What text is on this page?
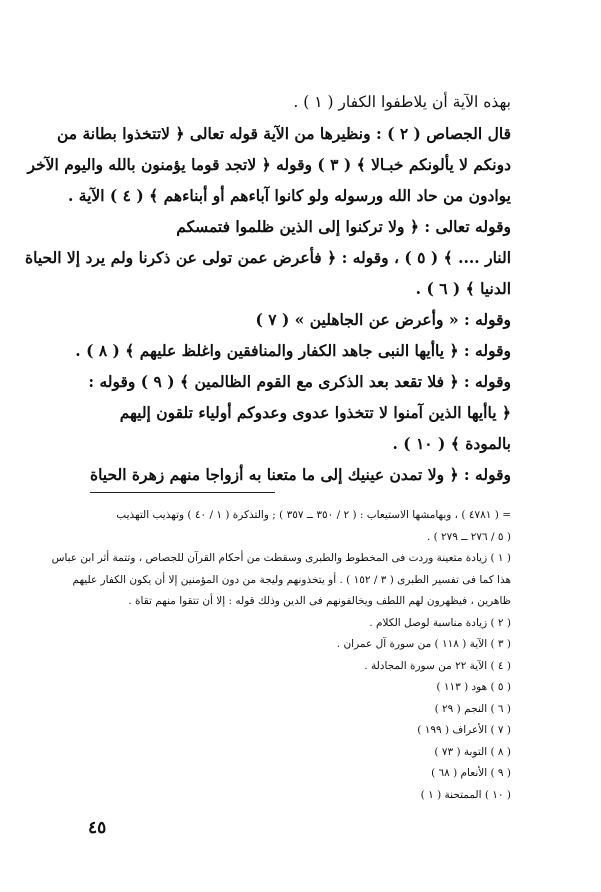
بهذه الآية أن يلاطفوا الكفار ( ١ ) .
قال الجصاص ( ٢ ) : ونظيرها من الآية قوله تعالى ﴿ لاتتخذوا بطانة من
دونكم لا يألونكم خبـالا ﴾ ( ٣ ) وقوله ﴿ لاتجد قوما يؤمنون بالله واليوم الآخر
يوادون من حاد الله ورسوله ولو كانوا آباءهم أو أبناءهم ﴾ ( ٤ ) الآية .
وقوله تعالى : ﴿ ولا تركنوا إلى الذين ظلموا فتمسكم
النار .... ﴾ ( ٥ ) ، وقوله : ﴿ فأعرض عمن تولى عن ذكرنا ولم يرد إلا الحياة
الدنيا ﴾ ( ٦ ) .
وقوله : « وأعرض عن الجاهلين » ( ٧ )
وقوله : ﴿ ياأيها النبى جاهد الكفار والمنافقين واغلظ عليهم ﴾ ( ٨ ) .
وقوله : ﴿ فلا تقعد بعد الذكرى مع القوم الظالمين ﴾ ( ٩ ) وقوله :
﴿ ياأيها الذين آمنوا لا تتخذوا عدوى وعدوكم أولياء تلقون إليهم
بالمودة ﴾ ( ١٠ ) .
وقوله : ﴿ ولا تمدن عينيك إلى ما متعنا به أزواجا منهم زهرة الحياة
= ( ٤٧٨١ ) ، وبهامشها الاستيعاب : ( ٢ / ٣٥٠ ــ ٣٥٧ ) ; والتذكرة ( ١ / ٤٠ ) وتهذيب التهذيب
( ٥ / ٢٧٦ ــ ٢٧٩ ) .
( ١ ) زيادة متعينة وردت فى المخطوط والطبرى وسقطت من أحكام القرآن للجصاص ، وتتمة أثر ابن عباس
هذا كما فى تفسير الطبرى ( ٣ / ١٥٢ ) . أو يتخذونهم وليجة من دون المؤمنين إلا أن يكون الكفار عليهم
ظاهرين ، فيظهرون لهم اللطف ويخالفونهم فى الدين وذلك قوله : إلا أن تتقوا منهم تقاة .
( ٢ ) زيادة مناسبة لوصل الكلام .
( ٣ ) الآية ( ١١٨ ) من سورة آل عمران .
( ٤ ) الآية ٢٢ من سورة المجادلة .
( ٥ ) هود ( ١١٣ )
( ٦ ) النجم ( ٢٩ )
( ٧ ) الأعراف ( ١٩٩ )
( ٨ ) التوبة ( ٧٣ )
( ٩ ) الأنعام ( ٦٨ )
( ١٠ ) الممتحنة ( ١ )
٤٥
